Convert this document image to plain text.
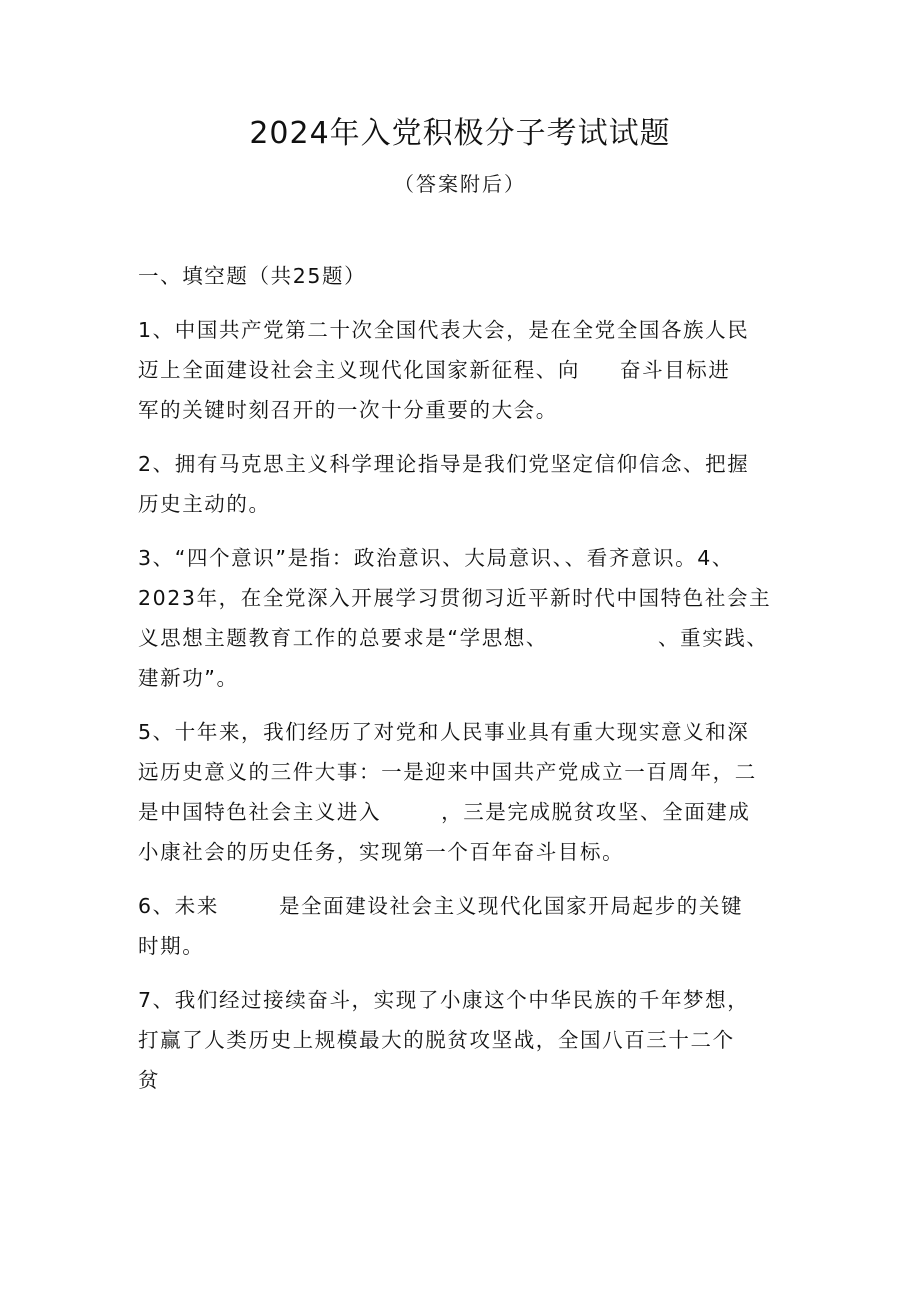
2024年入党积极分子考试试题
（答案附后）
一、填空题（共25题）
1、中国共产党第二十次全国代表大会，是在全党全国各族人民
迈上全面建设社会主义现代化国家新征程、向 奋斗目标进
军的关键时刻召开的一次十分重要的大会。
2、拥有马克思主义科学理论指导是我们党坚定信仰信念、把握
历史主动的。
3、“四个意识”是指：政治意识、大局意识、、看齐意识。4、
2023年，在全党深入开展学习贯彻习近平新时代中国特色社会主
义思想主题教育工作的总要求是“学思想、	、重实践、
建新功”。
5、十年来，我们经历了对党和人民事业具有重大现实意义和深
远历史意义的三件大事：一是迎来中国共产党成立一百周年，二
是中国特色社会主义进入	，三是完成脱贫攻坚、全面建成
小康社会的历史任务，实现第一个百年奋斗目标。
6、未来	是全面建设社会主义现代化国家开局起步的关键
时期。
7、我们经过接续奋斗，实现了小康这个中华民族的千年梦想，
打赢了人类历史上规模最大的脱贫攻坚战，全国八百三十二个
贫
